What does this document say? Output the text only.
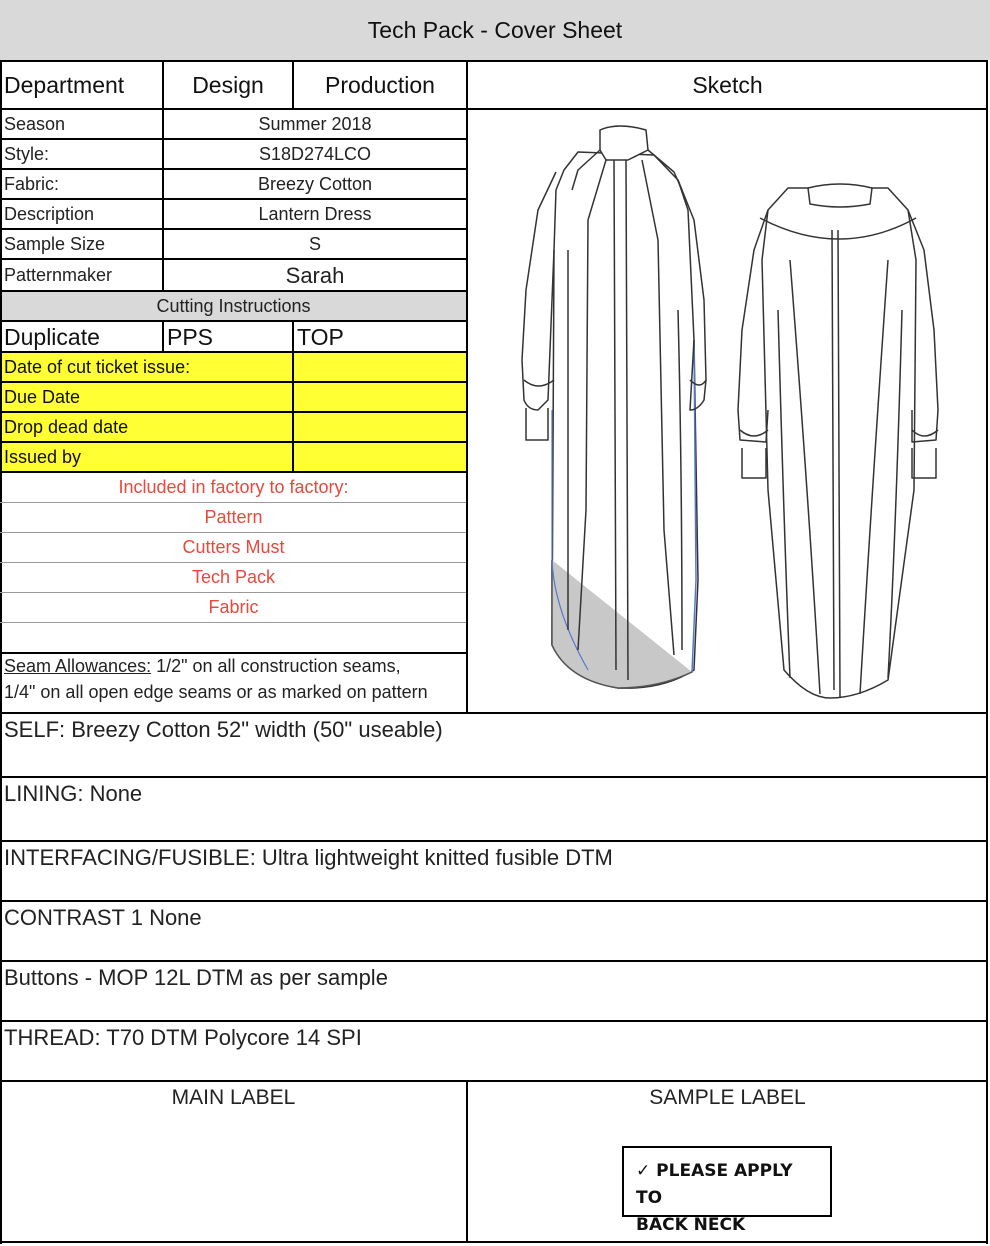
Tech Pack - Cover Sheet
Department	Design	Production	Sketch
Season	Summer 2018
Style:	S18D274LCO
Fabric:	Breezy Cotton
Description	Lantern Dress
Sample Size	S
Patternmaker	Sarah
Cutting Instructions
Duplicate	PPS	TOP
Date of cut ticket issue:
Due Date
Drop dead date
Issued by
Included in factory to factory:
Pattern
Cutters Must
Tech Pack
Fabric
Seam Allowances: 1/2" on all construction seams,
1/4" on all open edge seams or as marked on pattern
SELF: Breezy Cotton 52" width (50" useable)
LINING: None
INTERFACING/FUSIBLE: Ultra lightweight knitted fusible DTM
CONTRAST 1 None
Buttons - MOP 12L DTM as per sample
THREAD: T70 DTM Polycore 14 SPI
MAIN LABEL	SAMPLE LABEL
✓ PLEASE APPLY TO
BACK NECK
